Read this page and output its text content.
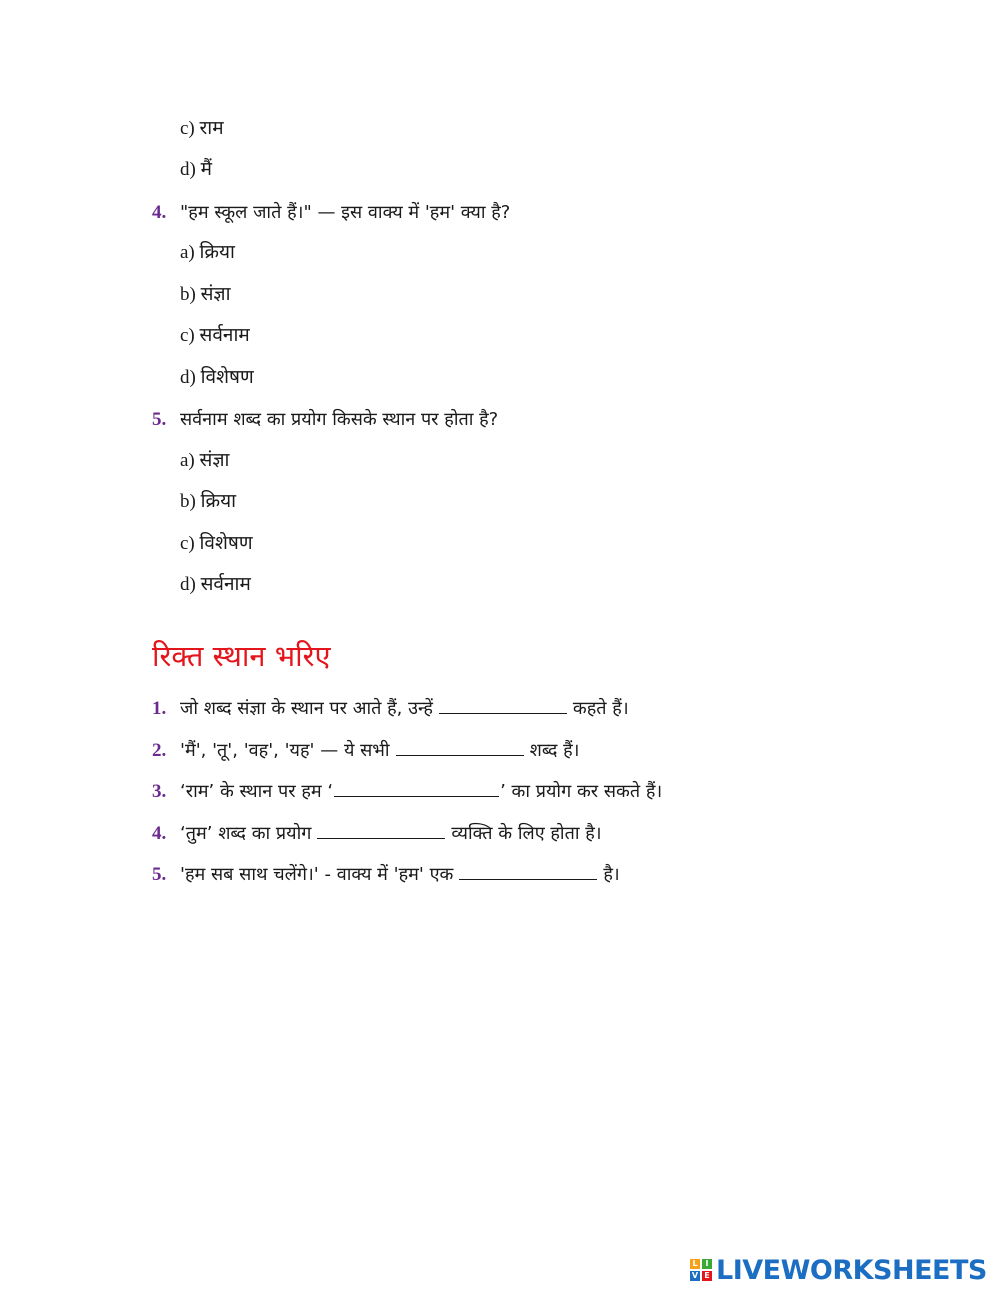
c) राम
d) मैं
4. "हम स्कूल जाते हैं।" — इस वाक्य में 'हम' क्या है?
a) क्रिया
b) संज्ञा
c) सर्वनाम
d) विशेषण
5. सर्वनाम शब्द का प्रयोग किसके स्थान पर होता है?
a) संज्ञा
b) क्रिया
c) विशेषण
d) सर्वनाम
रिक्त स्थान भरिए
1. जो शब्द संज्ञा के स्थान पर आते हैं, उन्हें	कहते हैं।
2. 'मैं', 'तू', 'वह', 'यह' — ये सभी	शब्द हैं।
3. ‘राम’ के स्थान पर हम ‘	’ का प्रयोग कर सकते हैं।
4. ‘तुम’ शब्द का प्रयोग	व्यक्ति के लिए होता है।
5. 'हम सब साथ चलेंगे।' - वाक्य में 'हम' एक	है।
L I
V E LIVEWORKSHEETS
